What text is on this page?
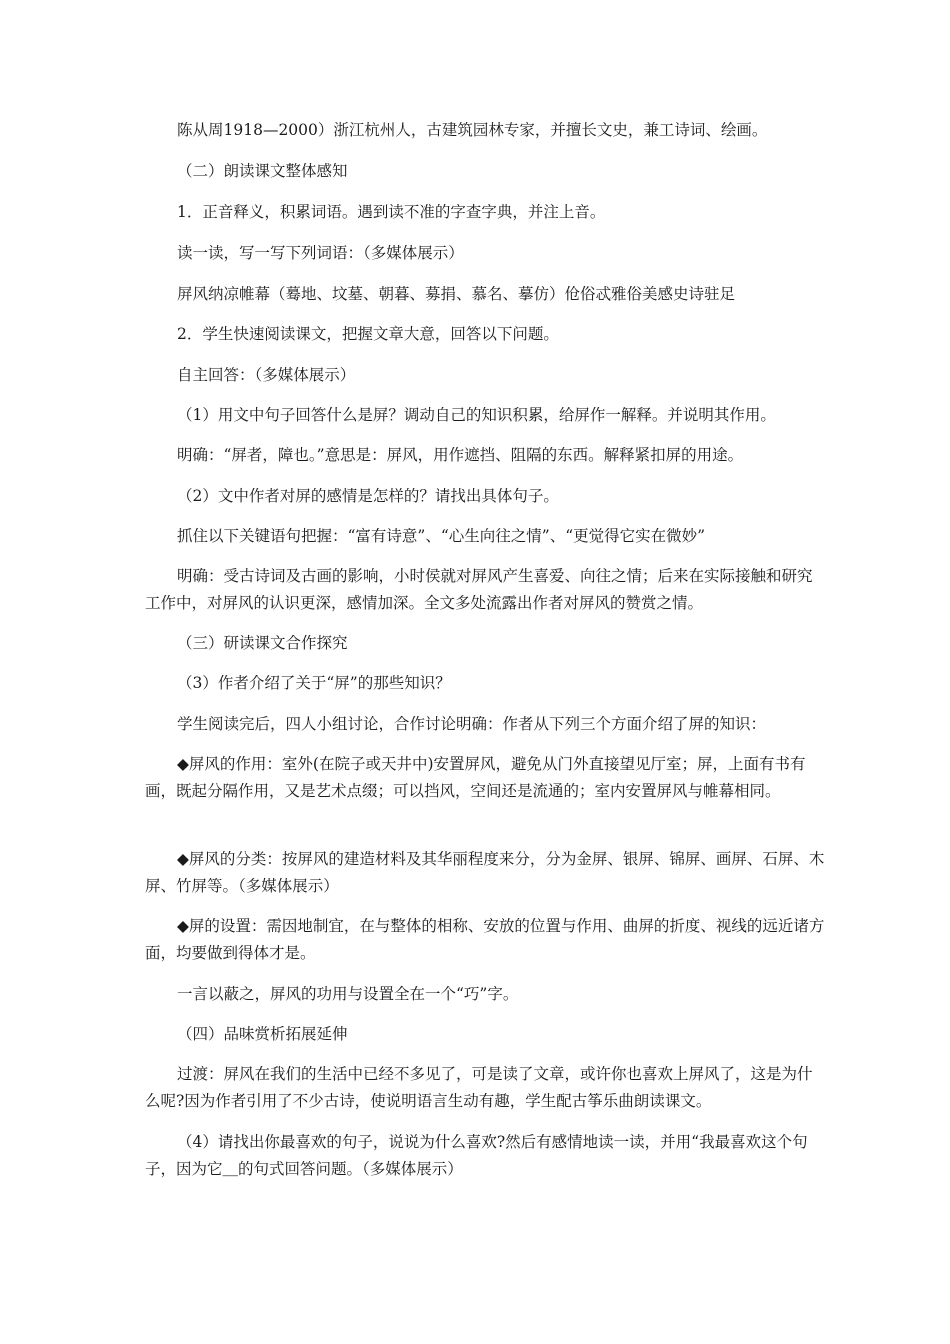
陈从周1918—2000）浙江杭州人，古建筑园林专家，并擅长文史，兼工诗词、绘画。

（二）朗读课文整体感知

1．正音释义，积累词语。遇到读不准的字查字典，并注上音。

读一读，写一写下列词语：（多媒体展示）

屏风纳凉帷幕（蓦地、坟墓、朝暮、募捐、慕名、摹仿）伧俗忒雅俗美感史诗驻足

2．学生快速阅读课文，把握文章大意，回答以下问题。

自主回答：（多媒体展示）

（1）用文中句子回答什么是屏？调动自己的知识积累，给屏作一解释。并说明其作用。

明确：“屏者，障也。”意思是：屏风，用作遮挡、阻隔的东西。解释紧扣屏的用途。

（2）文中作者对屏的感情是怎样的？请找出具体句子。

抓住以下关键语句把握：“富有诗意”、“心生向往之情”、“更觉得它实在微妙”

明确：受古诗词及古画的影响，小时侯就对屏风产生喜爱、向往之情；后来在实际接触和研究工作中，对屏风的认识更深，感情加深。全文多处流露出作者对屏风的赞赏之情。

（三）研读课文合作探究

（3）作者介绍了关于“屏”的那些知识？

学生阅读完后，四人小组讨论，合作讨论明确：作者从下列三个方面介绍了屏的知识：

◆屏风的作用：室外(在院子或天井中)安置屏风，避免从门外直接望见厅室；屏，上面有书有画，既起分隔作用，又是艺术点缀；可以挡风，空间还是流通的；室内安置屏风与帷幕相同。

◆屏风的分类：按屏风的建造材料及其华丽程度来分，分为金屏、银屏、锦屏、画屏、石屏、木屏、竹屏等。（多媒体展示）

◆屏的设置：需因地制宜，在与整体的相称、安放的位置与作用、曲屏的折度、视线的远近诸方面，均要做到得体才是。

一言以蔽之，屏风的功用与设置全在一个“巧”字。

（四）品味赏析拓展延伸

过渡：屏风在我们的生活中已经不多见了，可是读了文章，或许你也喜欢上屏风了，这是为什么呢?因为作者引用了不少古诗，使说明语言生动有趣，学生配古筝乐曲朗读课文。

（4）请找出你最喜欢的句子，说说为什么喜欢?然后有感情地读一读，并用“我最喜欢这个句子，因为它＿的句式回答问题。（多媒体展示）
